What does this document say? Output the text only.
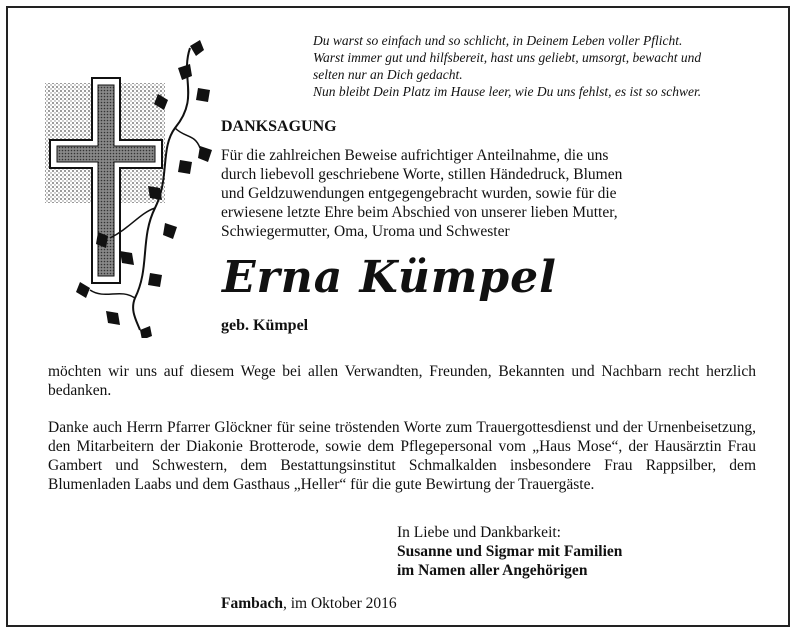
Du warst so einfach und so schlicht, in Deinem Leben voller Pflicht.
Warst immer gut und hilfsbereit, hast uns geliebt, umsorgt, bewacht und
selten nur an Dich gedacht.
Nun bleibt Dein Platz im Hause leer, wie Du uns fehlst, es ist so schwer.
DANKSAGUNG
Für die zahlreichen Beweise aufrichtiger Anteilnahme, die uns
durch liebevoll geschriebene Worte, stillen Händedruck, Blumen
und Geldzuwendungen entgegengebracht wurden, sowie für die
erwiesene letzte Ehre beim Abschied von unserer lieben Mutter,
Schwiegermutter, Oma, Uroma und Schwester
Erna Kümpel
geb. Kümpel
möchten wir uns auf diesem Wege bei allen Verwandten, Freunden, Bekannten und Nachbarn recht herzlich bedanken.
Danke auch Herrn Pfarrer Glöckner für seine tröstenden Worte zum Trauergottesdienst und der Urnenbeisetzung, den Mitarbeitern der Diakonie Brotterode, sowie dem Pflegepersonal vom „Haus Mose“, der Hausärztin Frau Gambert und Schwestern, dem Bestattungsinstitut Schmalkalden insbesondere Frau Rappsilber, dem Blumenladen Laabs und dem Gasthaus „Heller“ für die gute Bewirtung der Trauergäste.
In Liebe und Dankbarkeit:
Susanne und Sigmar mit Familien
im Namen aller Angehörigen
Fambach, im Oktober 2016
